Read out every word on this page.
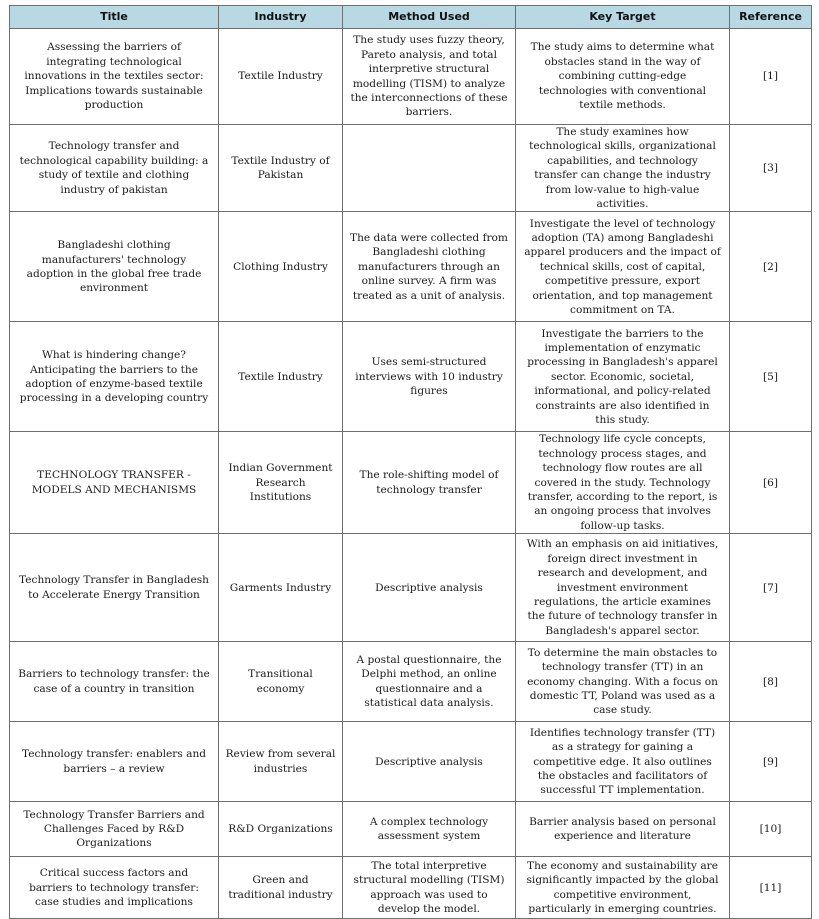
Title	Industry	Method Used	Key Target	Reference
Assessing the barriers of integrating technological innovations in the textiles sector: Implications towards sustainable production	Textile Industry	The study uses fuzzy theory, Pareto analysis, and total interpretive structural modelling (TISM) to analyze the interconnections of these barriers.	The study aims to determine what obstacles stand in the way of combining cutting-edge technologies with conventional textile methods.	[1]
Technology transfer and technological capability building: a study of textile and clothing industry of pakistan	Textile Industry of Pakistan		The study examines how technological skills, organizational capabilities, and technology transfer can change the industry from low-value to high-value activities.	[3]
Bangladeshi clothing manufacturers' technology adoption in the global free trade environment	Clothing Industry	The data were collected from Bangladeshi clothing manufacturers through an online survey. A firm was treated as a unit of analysis.	Investigate the level of technology adoption (TA) among Bangladeshi apparel producers and the impact of technical skills, cost of capital, competitive pressure, export orientation, and top management commitment on TA.	[2]
What is hindering change? Anticipating the barriers to the adoption of enzyme-based textile processing in a developing country	Textile Industry	Uses semi-structured interviews with 10 industry figures	Investigate the barriers to the implementation of enzymatic processing in Bangladesh's apparel sector. Economic, societal, informational, and policy-related constraints are also identified in this study.	[5]
TECHNOLOGY TRANSFER - MODELS AND MECHANISMS	Indian Government Research Institutions	The role-shifting model of technology transfer	Technology life cycle concepts, technology process stages, and technology flow routes are all covered in the study. Technology transfer, according to the report, is an ongoing process that involves follow-up tasks.	[6]
Technology Transfer in Bangladesh to Accelerate Energy Transition	Garments Industry	Descriptive analysis	With an emphasis on aid initiatives, foreign direct investment in research and development, and investment environment regulations, the article examines the future of technology transfer in Bangladesh's apparel sector.	[7]
Barriers to technology transfer: the case of a country in transition	Transitional economy	A postal questionnaire, the Delphi method, an online questionnaire and a statistical data analysis.	To determine the main obstacles to technology transfer (TT) in an economy changing. With a focus on domestic TT, Poland was used as a case study.	[8]
Technology transfer: enablers and barriers – a review	Review from several industries	Descriptive analysis	Identifies technology transfer (TT) as a strategy for gaining a competitive edge. It also outlines the obstacles and facilitators of successful TT implementation.	[9]
Technology Transfer Barriers and Challenges Faced by R&D Organizations	R&D Organizations	A complex technology assessment system	Barrier analysis based on personal experience and literature	[10]
Critical success factors and barriers to technology transfer: case studies and implications	Green and traditional industry	The total interpretive structural modelling (TISM) approach was used to develop the model.	The economy and sustainability are significantly impacted by the global competitive environment, particularly in emerging countries.	[11]
